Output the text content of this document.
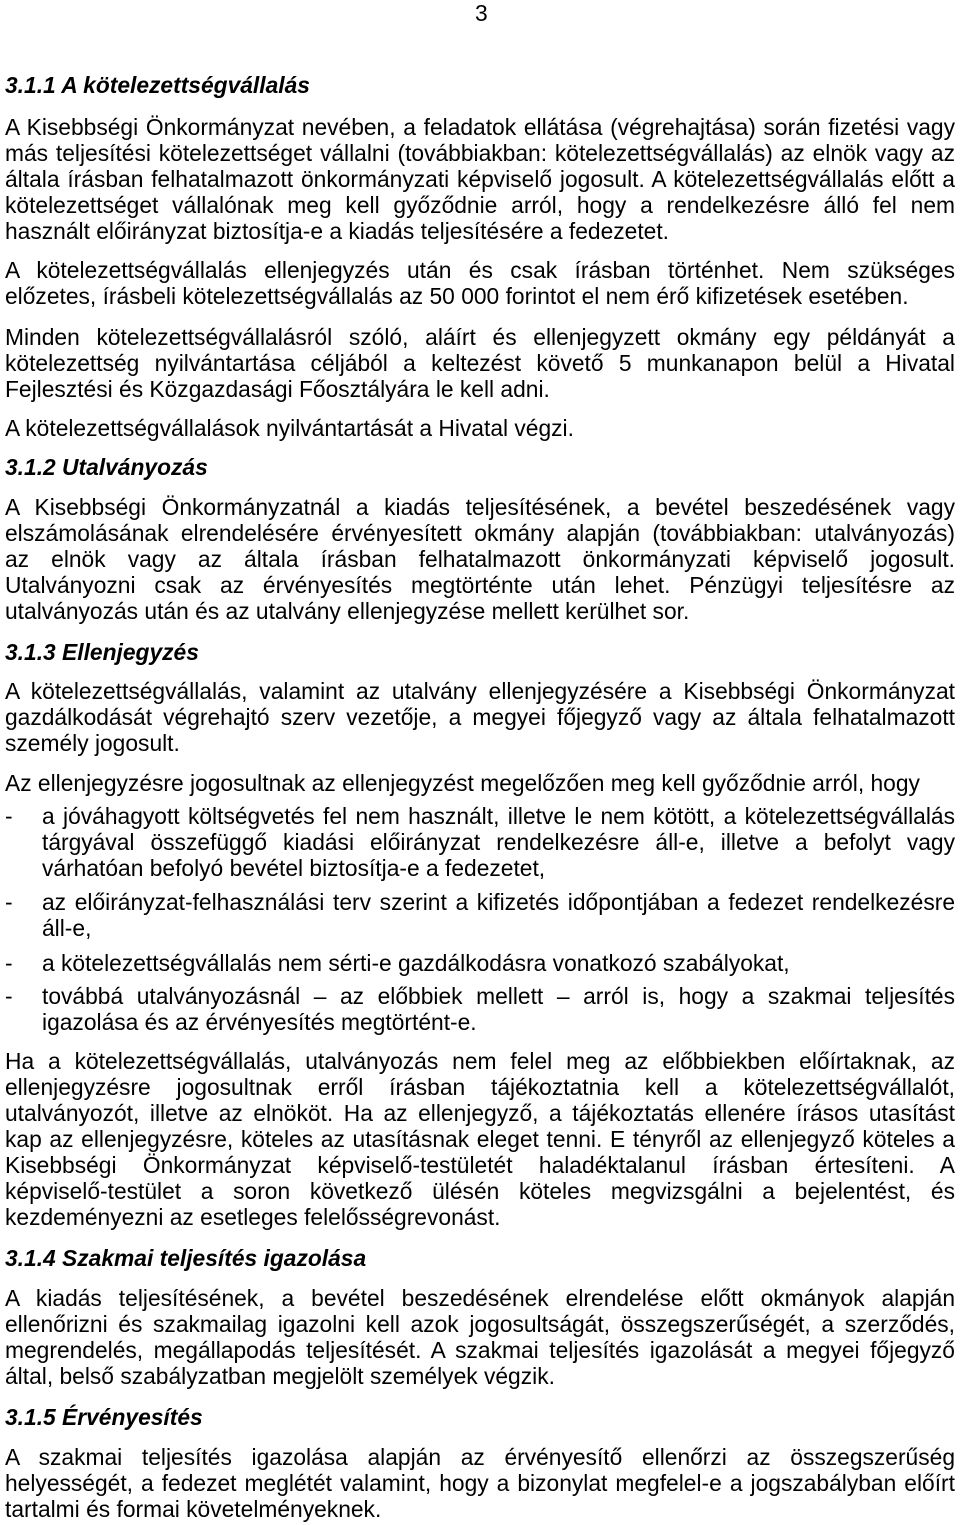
3
3.1.1 A kötelezettségvállalás
A Kisebbségi Önkormányzat nevében, a feladatok ellátása (végrehajtása) során fizetési vagy
más teljesítési kötelezettséget vállalni (továbbiakban: kötelezettségvállalás) az elnök vagy az
általa írásban felhatalmazott önkormányzati képviselő jogosult. A kötelezettségvállalás előtt a
kötelezettséget vállalónak meg kell győződnie arról, hogy a rendelkezésre álló fel nem
használt előirányzat biztosítja-e a kiadás teljesítésére a fedezetet.
A kötelezettségvállalás ellenjegyzés után és csak írásban történhet. Nem szükséges
előzetes, írásbeli kötelezettségvállalás az 50 000 forintot el nem érő kifizetések esetében.
Minden kötelezettségvállalásról szóló, aláírt és ellenjegyzett okmány egy példányát a
kötelezettség nyilvántartása céljából a keltezést követő 5 munkanapon belül a Hivatal
Fejlesztési és Közgazdasági Főosztályára le kell adni.
A kötelezettségvállalások nyilvántartását a Hivatal végzi.
3.1.2 Utalványozás
A Kisebbségi Önkormányzatnál a kiadás teljesítésének, a bevétel beszedésének vagy
elszámolásának elrendelésére érvényesített okmány alapján (továbbiakban: utalványozás)
az elnök vagy az általa írásban felhatalmazott önkormányzati képviselő jogosult.
Utalványozni csak az érvényesítés megtörténte után lehet. Pénzügyi teljesítésre az
utalványozás után és az utalvány ellenjegyzése mellett kerülhet sor.
3.1.3 Ellenjegyzés
A kötelezettségvállalás, valamint az utalvány ellenjegyzésére a Kisebbségi Önkormányzat
gazdálkodását végrehajtó szerv vezetője, a megyei főjegyző vagy az általa felhatalmazott
személy jogosult.
Az ellenjegyzésre jogosultnak az ellenjegyzést megelőzően meg kell győződnie arról, hogy
- a jóváhagyott költségvetés fel nem használt, illetve le nem kötött, a kötelezettségvállalás
tárgyával összefüggő kiadási előirányzat rendelkezésre áll-e, illetve a befolyt vagy
várhatóan befolyó bevétel biztosítja-e a fedezetet,
- az előirányzat-felhasználási terv szerint a kifizetés időpontjában a fedezet rendelkezésre
áll-e,
- a kötelezettségvállalás nem sérti-e gazdálkodásra vonatkozó szabályokat,
- továbbá utalványozásnál – az előbbiek mellett – arról is, hogy a szakmai teljesítés
igazolása és az érvényesítés megtörtént-e.
Ha a kötelezettségvállalás, utalványozás nem felel meg az előbbiekben előírtaknak, az
ellenjegyzésre jogosultnak erről írásban tájékoztatnia kell a kötelezettségvállalót,
utalványozót, illetve az elnököt. Ha az ellenjegyző, a tájékoztatás ellenére írásos utasítást
kap az ellenjegyzésre, köteles az utasításnak eleget tenni. E tényről az ellenjegyző köteles a
Kisebbségi Önkormányzat képviselő-testületét haladéktalanul írásban értesíteni. A
képviselő-testület a soron következő ülésén köteles megvizsgálni a bejelentést, és
kezdeményezni az esetleges felelősségrevonást.
3.1.4 Szakmai teljesítés igazolása
A kiadás teljesítésének, a bevétel beszedésének elrendelése előtt okmányok alapján
ellenőrizni és szakmailag igazolni kell azok jogosultságát, összegszerűségét, a szerződés,
megrendelés, megállapodás teljesítését. A szakmai teljesítés igazolását a megyei főjegyző
által, belső szabályzatban megjelölt személyek végzik.
3.1.5 Érvényesítés
A szakmai teljesítés igazolása alapján az érvényesítő ellenőrzi az összegszerűség
helyességét, a fedezet meglétét valamint, hogy a bizonylat megfelel-e a jogszabályban előírt
tartalmi és formai követelményeknek.
